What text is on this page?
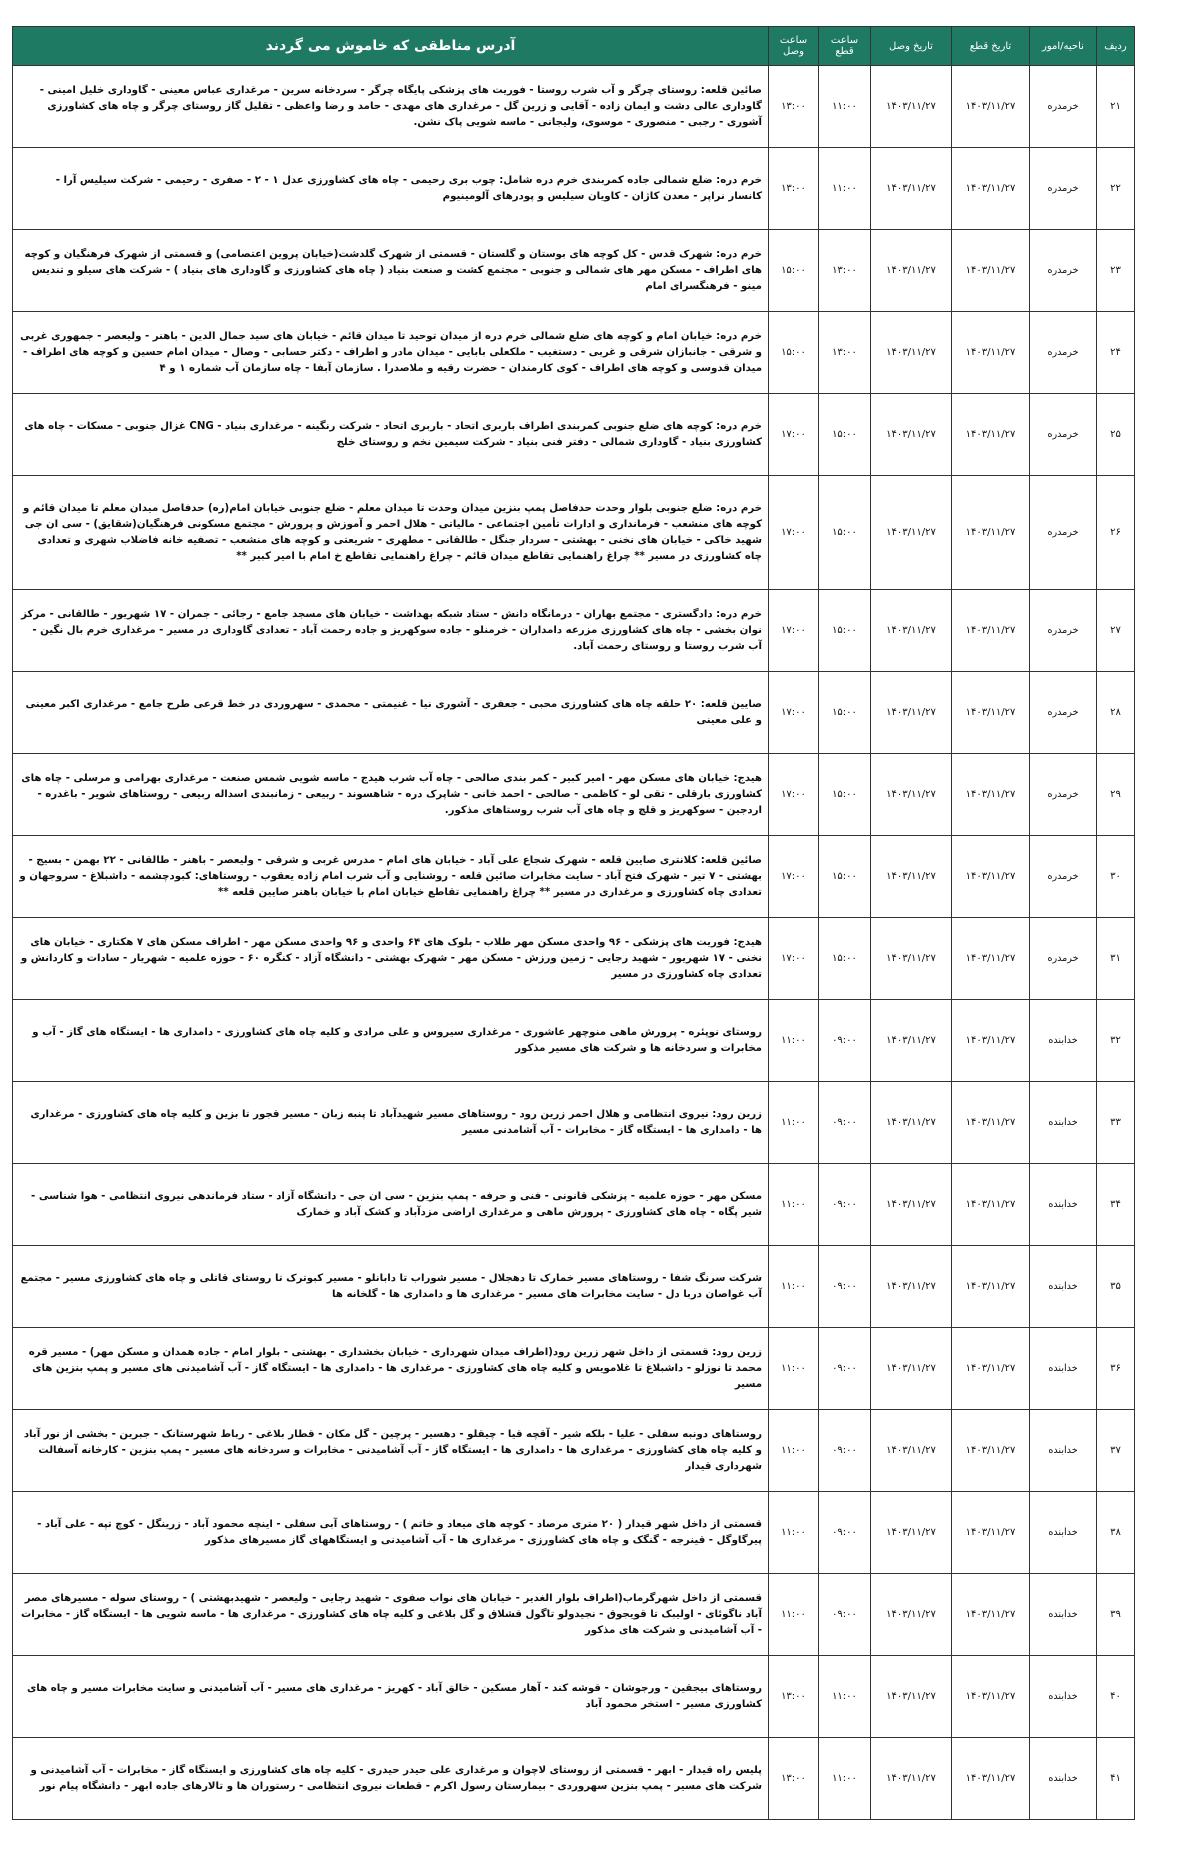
ردیف	ناحیه/امور	تاریخ قطع	تاریخ وصل	ساعت قطع	ساعت وصل	آدرس مناطقی که خاموش می گردند
۲۱	خرمدره	۱۴۰۳/۱۱/۲۷	۱۴۰۳/۱۱/۲۷	۱۱:۰۰	۱۳:۰۰	صائین قلعه: روستای چرگر و آب شرب روستا - فوریت های پزشکی پایگاه چرگر - سردخانه سرین - مرغداری عباس معینی - گاوداری خلیل امینی - گاوداری عالی دشت و ایمان زاده - آقایی و زرین گل - مرغداری های مهدی - حامد و رضا واعظی - تقلیل گاز روستای چرگر و چاه های کشاورزی آشوری - رجبی - منصوری - موسوی، ولیجانی - ماسه شویی پاک نشن.
۲۲	خرمدره	۱۴۰۳/۱۱/۲۷	۱۴۰۳/۱۱/۲۷	۱۱:۰۰	۱۳:۰۰	خرم دره: ضلع شمالی جاده کمربندی خرم دره شامل: چوب بری رحیمی - چاه های کشاورزی عدل ۱ - ۲ - صفری - رحیمی - شرکت سیلیس آرا - کانسار نراپر - معدن کاژان - کاویان سیلیس و پودرهای آلومینیوم
۲۳	خرمدره	۱۴۰۳/۱۱/۲۷	۱۴۰۳/۱۱/۲۷	۱۳:۰۰	۱۵:۰۰	خرم دره: شهرک قدس - کل کوچه های بوستان و گلستان - قسمتی از شهرک گلدشت(خیابان پروین اعتصامی) و قسمتی از شهرک فرهنگیان و کوچه های اطراف - مسکن مهر های شمالی و جنوبی - مجتمع کشت و صنعت بنیاد ( چاه های کشاورزی و گاوداری های بنیاد ) - شرکت های سیلو و تندیس مینو - فرهنگسرای امام
۲۴	خرمدره	۱۴۰۳/۱۱/۲۷	۱۴۰۳/۱۱/۲۷	۱۳:۰۰	۱۵:۰۰	خرم دره: خیابان امام و کوچه های ضلع شمالی خرم دره از میدان توحید تا میدان قائم - خیابان های سید جمال الدین - باهنر - ولیعصر - جمهوری غربی و شرقی - جانبازان شرقی و غربی - دستغیب - ملکعلی بابایی - میدان مادر و اطراف - دکتر حسابی - وصال - میدان امام حسین و کوچه های اطراف - میدان قدوسی و کوچه های اطراف - کوی کارمندان - حضرت رقیه و ملاصدرا . سازمان آبفا - چاه سازمان آب شماره ۱ و ۴
۲۵	خرمدره	۱۴۰۳/۱۱/۲۷	۱۴۰۳/۱۱/۲۷	۱۵:۰۰	۱۷:۰۰	خرم دره: کوچه های ضلع جنوبی کمربندی اطراف باربری اتحاد - باربری اتحاد - شرکت رنگینه - مرغداری بنیاد - CNG غزال جنوبی - مسکات - چاه های کشاورزی بنیاد - گاوداری شمالی - دفتر فنی بنیاد - شرکت سیمین نخم و روستای خلج
۲۶	خرمدره	۱۴۰۳/۱۱/۲۷	۱۴۰۳/۱۱/۲۷	۱۵:۰۰	۱۷:۰۰	خرم دره: ضلع جنوبی بلوار وحدت حدفاصل پمپ بنزین میدان وحدت تا میدان معلم - ضلع جنوبی خیابان امام(ره) حدفاصل میدان معلم تا میدان قائم و کوچه های منشعب - فرمانداری و ادارات تأمین اجتماعی - مالیاتی - هلال احمر و آموزش و پرورش - مجتمع مسکونی فرهنگیان(شقایق) - سی ان جی شهید خاکی - خیابان های نخنی - بهشتی - سردار جنگل - طالقانی - مطهری - شریعتی و کوچه های منشعب - تصفیه خانه فاضلاب شهری و تعدادی چاه کشاورزی در مسیر ** چراغ راهنمایی تقاطع میدان قائم - چراغ راهنمایی تقاطع خ امام با امیر کبیر **
۲۷	خرمدره	۱۴۰۳/۱۱/۲۷	۱۴۰۳/۱۱/۲۷	۱۵:۰۰	۱۷:۰۰	خرم دره: دادگستری - مجتمع بهاران - درمانگاه دانش - ستاد شبکه بهداشت - خیابان های مسجد جامع - رجائی - جمران - ۱۷ شهریور - طالقانی - مرکز نوان بخشی - چاه های کشاورزی مزرعه دامداران - خرمنلو - جاده سوکهریز و جاده رحمت آباد - تعدادی گاوداری در مسیر - مرغداری خرم بال نگین - آب شرب روستا و روستای رحمت آباد.
۲۸	خرمدره	۱۴۰۳/۱۱/۲۷	۱۴۰۳/۱۱/۲۷	۱۵:۰۰	۱۷:۰۰	صایین قلعه: ۲۰ حلقه چاه های کشاورزی محبی - جعفری - آشوری نیا - غنیمتی - محمدی - سهروردی در خط قرعی طرح جامع - مرغداری اکبر معینی و علی معینی
۲۹	خرمدره	۱۴۰۳/۱۱/۲۷	۱۴۰۳/۱۱/۲۷	۱۵:۰۰	۱۷:۰۰	هیدج: خیابان های مسکن مهر - امیر کبیر - کمر بندی صالحی - چاه آب شرب هیدج - ماسه شویی شمس صنعت - مرغداری بهرامی و مرسلی - چاه های کشاورزی بارقلی - تقی لو - کاظمی - صالحی - احمد خانی - شاپرک دره - شاهسوند - ربیعی - زمانبندی اسداله ربیعی - روستاهای شویر - باغدره - اردجین - سوکهریز و قلچ و چاه های آب شرب روستاهای مذکور.
۳۰	خرمدره	۱۴۰۳/۱۱/۲۷	۱۴۰۳/۱۱/۲۷	۱۵:۰۰	۱۷:۰۰	صائین قلعه: کلانتری صایین قلعه - شهرک شجاع علی آباد - خیابان های امام - مدرس غربی و شرقی - ولیعصر - باهنر - طالقانی - ۲۲ بهمن - بسیج - بهشتی - ۷ تیر - شهرک فتح آباد - سایت مخابرات صائین قلعه - روشنایی و آب شرب امام زاده یعقوب - روستاهای: کبودچشمه - داشبلاغ - سروجهان و تعدادی چاه کشاورزی و مرغداری در مسیر ** چراغ راهنمایی تقاطع خیابان امام با خیابان باهنر صایین قلعه **
۳۱	خرمدره	۱۴۰۳/۱۱/۲۷	۱۴۰۳/۱۱/۲۷	۱۵:۰۰	۱۷:۰۰	هیدج: فوریت های پزشکی - ۹۶ واحدی مسکن مهر طلاب - بلوک های ۶۴ واحدی و ۹۶ واحدی مسکن مهر - اطراف مسکن های ۷ هکتاری - خیابان های نخنی - ۱۷ شهریور - شهید رجایی - زمین ورزش - مسکن مهر - شهرک بهشتی - دانشگاه آزاد - کنگره ۶۰ - حوزه علمیه - شهریار - سادات و کاردانش و تعدادی چاه کشاورزی در مسیر
۳۲	خدابنده	۱۴۰۳/۱۱/۲۷	۱۴۰۳/۱۱/۲۷	۰۹:۰۰	۱۱:۰۰	روستای نوپئره - پرورش ماهی منوچهر عاشوری - مرغداری سیروس و علی مرادی و کلیه چاه های کشاورزی - دامداری ها - ایستگاه های گاز - آب و مخابرات و سردخانه ها و شرکت های مسیر مذکور
۳۳	خدابنده	۱۴۰۳/۱۱/۲۷	۱۴۰۳/۱۱/۲۷	۰۹:۰۰	۱۱:۰۰	زرین رود: نیروی انتظامی و هلال احمر زرین رود - روستاهای مسیر شهیدآباد تا پنبه زبان - مسیر قجور تا بزین و کلیه چاه های کشاورزی - مرغداری ها - دامداری ها - ایستگاه گاز - مخابرات - آب آشامدنی مسیر
۳۴	خدابنده	۱۴۰۳/۱۱/۲۷	۱۴۰۳/۱۱/۲۷	۰۹:۰۰	۱۱:۰۰	مسکن مهر - حوزه علمیه - پزشکی قانونی - فنی و حرفه - پمپ بنزین - سی ان جی - دانشگاه آزاد - ستاد فرماندهی نیروی انتظامی - هوا شناسی - شیر پگاه - چاه های کشاورزی - پرورش ماهی و مرغداری اراضی مزدآباد و کشک آباد و خمارک
۳۵	خدابنده	۱۴۰۳/۱۱/۲۷	۱۴۰۳/۱۱/۲۷	۰۹:۰۰	۱۱:۰۰	شرکت سرنگ شفا - روستاهای مسیر خمارک تا دهجلال - مسیر شوراب تا دابانلو - مسیر کبوترک تا روستای قاتلی و چاه های کشاورزی مسیر - مجتمع آب غواصان دربا دل - سایت مخابرات های مسیر - مرغداری ها و دامداری ها - گلخانه ها
۳۶	خدابنده	۱۴۰۳/۱۱/۲۷	۱۴۰۳/۱۱/۲۷	۰۹:۰۰	۱۱:۰۰	زرین رود: قسمتی از داخل شهر زرین رود(اطراف میدان شهرداری - خیابان بخشداری - بهشتی - بلوار امام - جاده همدان و مسکن مهر) - مسیر قره محمد تا نوزلو - داشبلاغ تا غلامویس و کلیه چاه های کشاورزی - مرغداری ها - دامداری ها - ایستگاه گاز - آب آشامیدنی های مسیر و پمپ بنزین های مسیر
۳۷	خدابنده	۱۴۰۳/۱۱/۲۷	۱۴۰۳/۱۱/۲۷	۰۹:۰۰	۱۱:۰۰	روستاهای دونبه سفلی - علیا - بلکه شیر - آقچه قیا - چیقلو - دهسیر - پرچین - گل مکان - قطار بلاغی - رباط شهرستانک - جبرین - بخشی از نور آباد و کلیه چاه های کشاورزی - مرغداری ها - دامداری ها - ایستگاه گاز - آب آشامیدنی - مخابرات و سردخانه های مسیر - پمپ بنزین - کارخانه آسفالت شهرداری قیدار
۳۸	خدابنده	۱۴۰۳/۱۱/۲۷	۱۴۰۳/۱۱/۲۷	۰۹:۰۰	۱۱:۰۰	قسمتی از داخل شهر قیدار ( ۲۰ متری مرصاد - کوچه های میعاد و خاتم ) - روستاهای آبی سفلی - اینچه محمود آباد - زرینگل - کوچ تپه - علی آباد - پیرگاوگل - قینرجه - گنگک و چاه های کشاورزی - مرغداری ها - آب آشامیدنی و ایستگاههای گاز مسیرهای مذکور
۳۹	خدابنده	۱۴۰۳/۱۱/۲۷	۱۴۰۳/۱۱/۲۷	۰۹:۰۰	۱۱:۰۰	قسمتی از داخل شهرگرماب(اطراف بلوار الغدیر - خیابان های نواب صفوی - شهید رجایی - ولیعصر - شهیدبهشتی ) - روستای سوله - مسیرهای مصر آباد ناگوئای - اولیبک تا قویجوق - نجیدولو تاگول قشلاق و گل بلاغی و کلیه چاه های کشاورزی - مرغداری ها - ماسه شویی ها - ایستگاه گاز - مخابرات - آب آشامیدنی و شرکت های مذکور
۴۰	خدابنده	۱۴۰۳/۱۱/۲۷	۱۴۰۳/۱۱/۲۷	۱۱:۰۰	۱۳:۰۰	روستاهای بیجقین - ورجوشان - قوشه کند - آهار مسکین - خالق آباد - کهریز - مرغداری های مسیر - آب آشامیدنی و سایت مخابرات مسیر و چاه های کشاورزی مسیر - استخر محمود آباد
۴۱	خدابنده	۱۴۰۳/۱۱/۲۷	۱۴۰۳/۱۱/۲۷	۱۱:۰۰	۱۳:۰۰	پلیس راه قیدار - ابهر - قسمتی از روستای لاچوان و مرغداری علی حیدر حیدری - کلیه چاه های کشاورزی و ایستگاه گاز - مخابرات - آب آشامیدنی و شرکت های مسیر - پمپ بنزین سهروردی - بیمارستان رسول اکرم - قطعات نیروی انتظامی - رستوران ها و تالارهای جاده ابهر - دانشگاه پیام نور
